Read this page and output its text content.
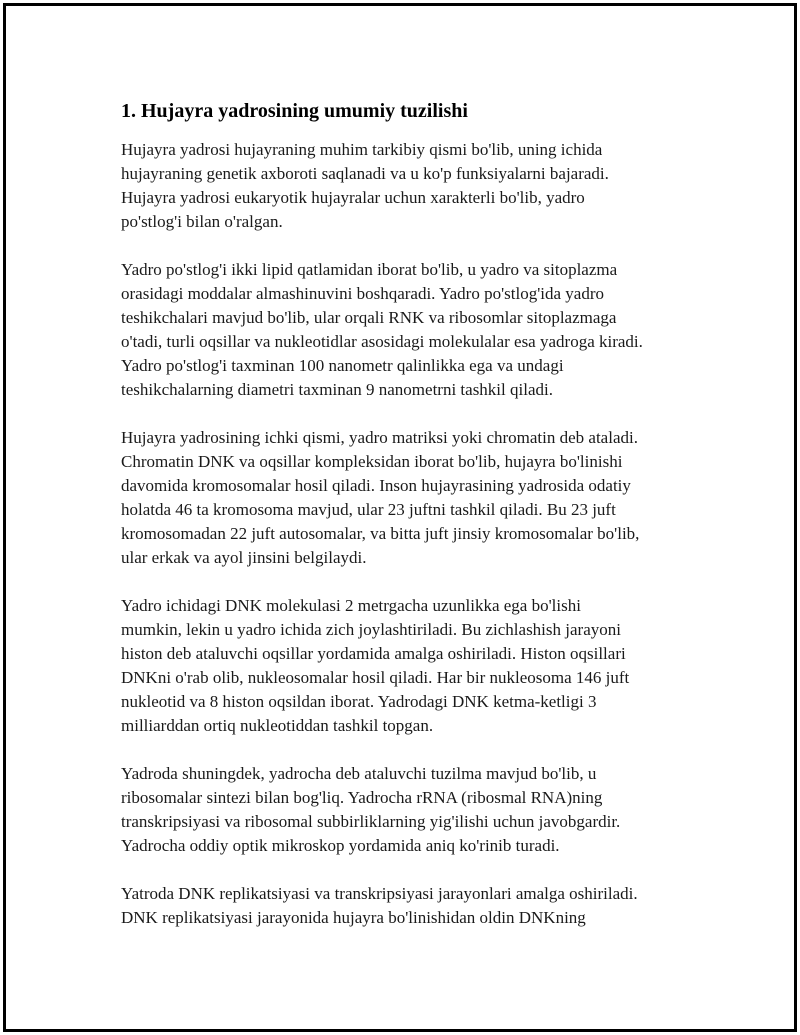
1. Hujayra yadrosining umumiy tuzilishi
Hujayra yadrosi hujayraning muhim tarkibiy qismi bo'lib, uning ichida
hujayraning genetik axboroti saqlanadi va u ko'p funksiyalarni bajaradi.
Hujayra yadrosi eukaryotik hujayralar uchun xarakterli bo'lib, yadro
po'stlog'i bilan o'ralgan.
Yadro po'stlog'i ikki lipid qatlamidan iborat bo'lib, u yadro va sitoplazma
orasidagi moddalar almashinuvini boshqaradi. Yadro po'stlog'ida yadro
teshikchalari mavjud bo'lib, ular orqali RNK va ribosomlar sitoplazmaga
o'tadi, turli oqsillar va nukleotidlar asosidagi molekulalar esa yadroga kiradi.
Yadro po'stlog'i taxminan 100 nanometr qalinlikka ega va undagi
teshikchalarning diametri taxminan 9 nanometrni tashkil qiladi.
Hujayra yadrosining ichki qismi, yadro matriksi yoki chromatin deb ataladi.
Chromatin DNK va oqsillar kompleksidan iborat bo'lib, hujayra bo'linishi
davomida kromosomalar hosil qiladi. Inson hujayrasining yadrosida odatiy
holatda 46 ta kromosoma mavjud, ular 23 juftni tashkil qiladi. Bu 23 juft
kromosomadan 22 juft autosomalar, va bitta juft jinsiy kromosomalar bo'lib,
ular erkak va ayol jinsini belgilaydi.
Yadro ichidagi DNK molekulasi 2 metrgacha uzunlikka ega bo'lishi
mumkin, lekin u yadro ichida zich joylashtiriladi. Bu zichlashish jarayoni
histon deb ataluvchi oqsillar yordamida amalga oshiriladi. Histon oqsillari
DNKni o'rab olib, nukleosomalar hosil qiladi. Har bir nukleosoma 146 juft
nukleotid va 8 histon oqsildan iborat. Yadrodagi DNK ketma-ketligi 3
milliarddan ortiq nukleotiddan tashkil topgan.
Yadroda shuningdek, yadrocha deb ataluvchi tuzilma mavjud bo'lib, u
ribosomalar sintezi bilan bog'liq. Yadrocha rRNA (ribosmal RNA)ning
transkripsiyasi va ribosomal subbirliklarning yig'ilishi uchun javobgardir.
Yadrocha oddiy optik mikroskop yordamida aniq ko'rinib turadi.
Yatroda DNK replikatsiyasi va transkripsiyasi jarayonlari amalga oshiriladi.
DNK replikatsiyasi jarayonida hujayra bo'linishidan oldin DNKning
